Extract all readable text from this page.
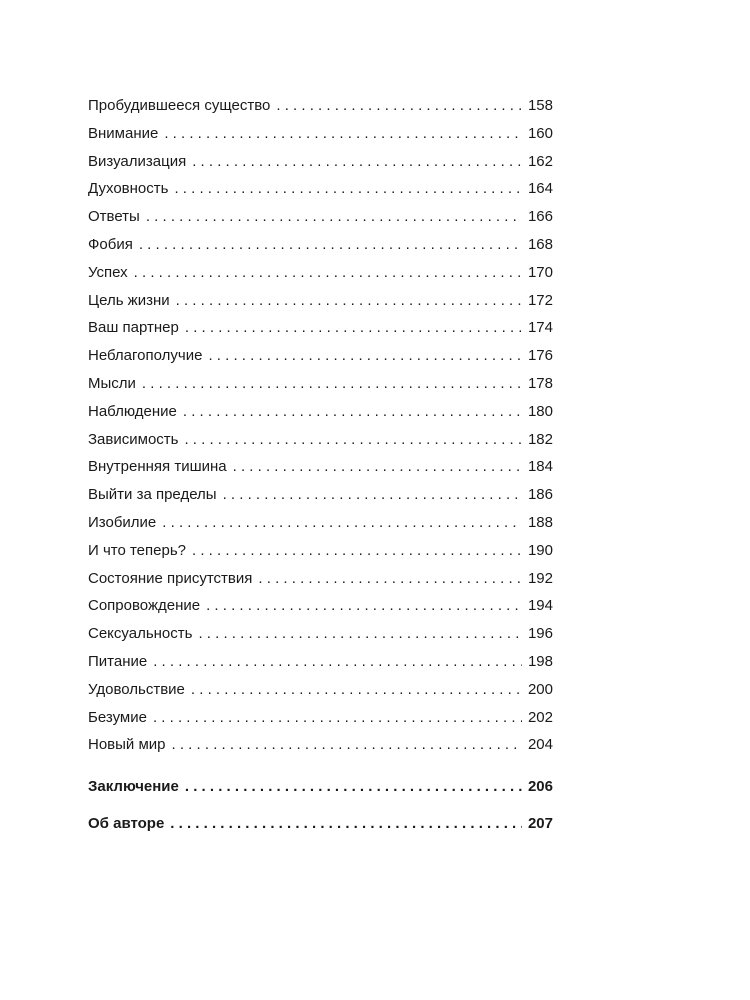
Пробудившееся существо . . .	158
Внимание . . .	160
Визуализация . . .	162
Духовность . . .	164
Ответы . . .	166
Фобия . . .	168
Успех . . .	170
Цель жизни . . .	172
Ваш партнер . . .	174
Неблагополучие . . .	176
Мысли . . .	178
Наблюдение . . .	180
Зависимость . . .	182
Внутренняя тишина . . .	184
Выйти за пределы . . .	186
Изобилие . . .	188
И что теперь? . . .	190
Состояние присутствия . . .	192
Сопровождение . . .	194
Сексуальность . . .	196
Питание . . .	198
Удовольствие . . .	200
Безумие . . .	202
Новый мир . . .	204
Заключение . . .	206
Об авторе . . .	207
